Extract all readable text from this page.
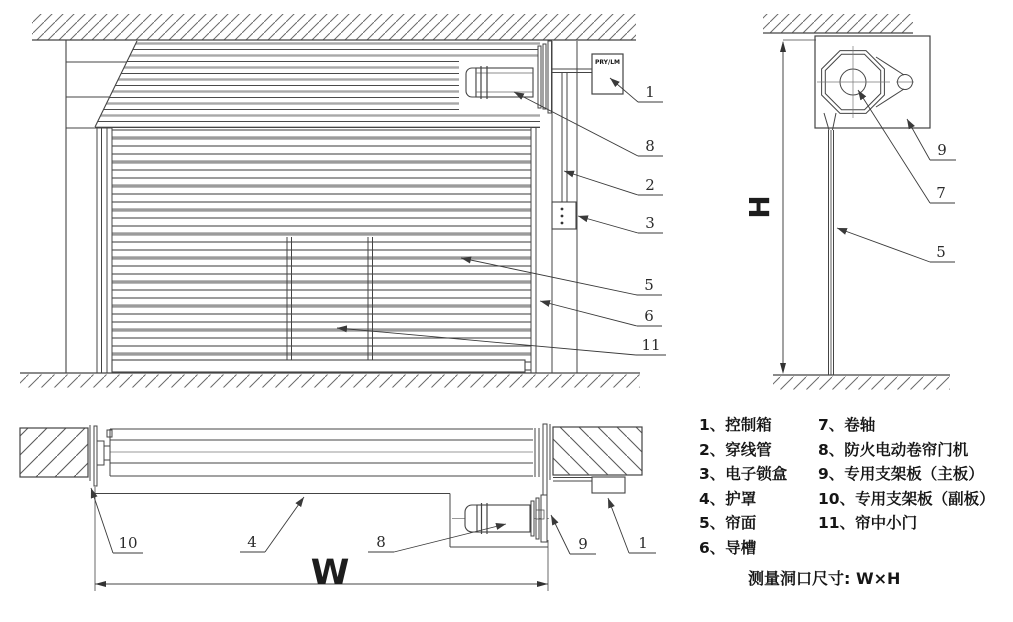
PRY/LM
1
8
2
3
5
6
11
H
9
7
5
W
10	4	8	9	1
1、控制箱
2、穿线管
3、电子锁盒
4、护罩
5、帘面
6、导槽
7、卷轴
8、防火电动卷帘门机
9、专用支架板（主板）
10、专用支架板（副板）
11、帘中小门
测量洞口尺寸: W×H
